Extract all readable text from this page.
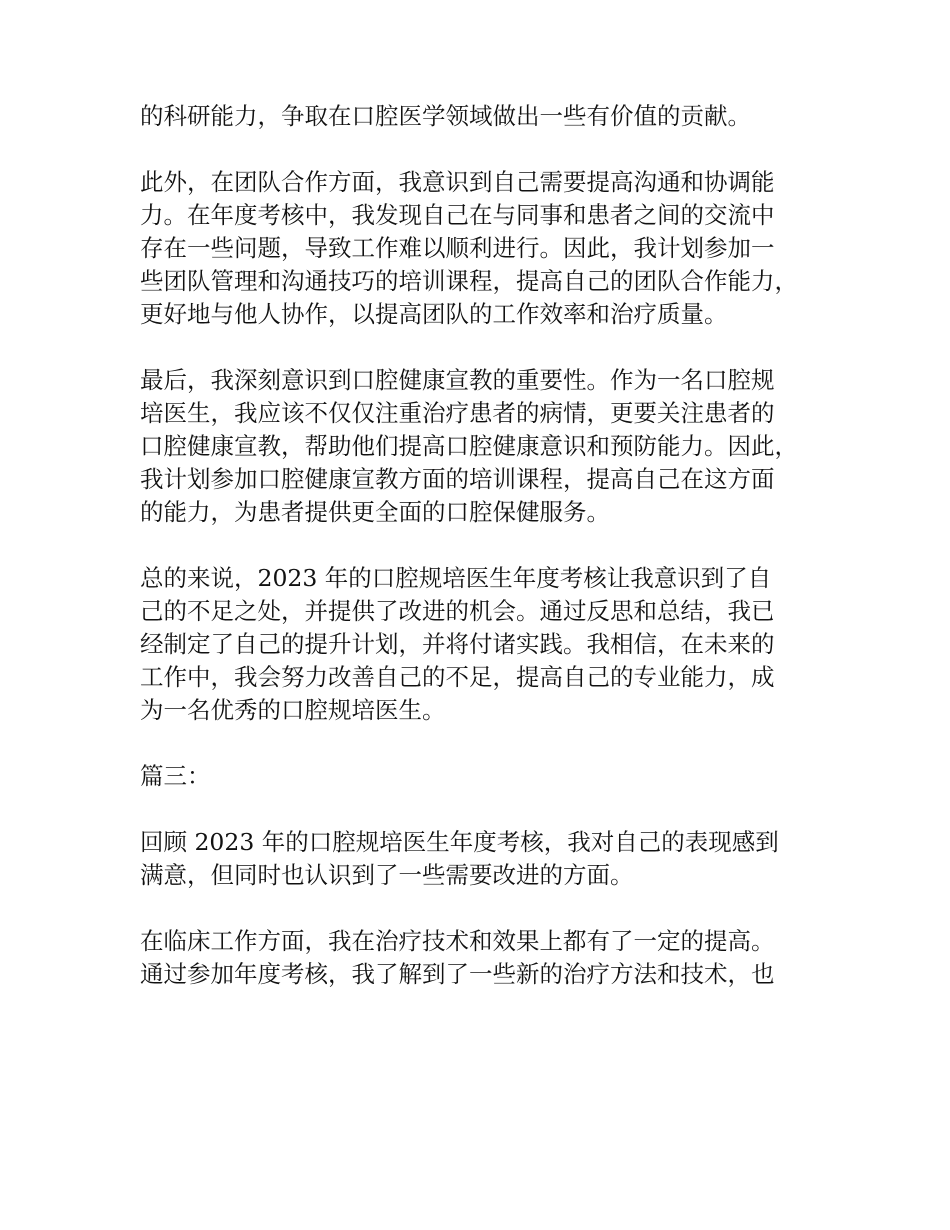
的科研能力，争取在口腔医学领域做出一些有价值的贡献。

此外，在团队合作方面，我意识到自己需要提高沟通和协调能
力。在年度考核中，我发现自己在与同事和患者之间的交流中
存在一些问题，导致工作难以顺利进行。因此，我计划参加一
些团队管理和沟通技巧的培训课程，提高自己的团队合作能力，
更好地与他人协作，以提高团队的工作效率和治疗质量。

最后，我深刻意识到口腔健康宣教的重要性。作为一名口腔规
培医生，我应该不仅仅注重治疗患者的病情，更要关注患者的
口腔健康宣教，帮助他们提高口腔健康意识和预防能力。因此，
我计划参加口腔健康宣教方面的培训课程，提高自己在这方面
的能力，为患者提供更全面的口腔保健服务。

总的来说，2023 年的口腔规培医生年度考核让我意识到了自
己的不足之处，并提供了改进的机会。通过反思和总结，我已
经制定了自己的提升计划，并将付诸实践。我相信，在未来的
工作中，我会努力改善自己的不足，提高自己的专业能力，成
为一名优秀的口腔规培医生。

篇三：

回顾 2023 年的口腔规培医生年度考核，我对自己的表现感到
满意，但同时也认识到了一些需要改进的方面。

在临床工作方面，我在治疗技术和效果上都有了一定的提高。
通过参加年度考核，我了解到了一些新的治疗方法和技术，也
